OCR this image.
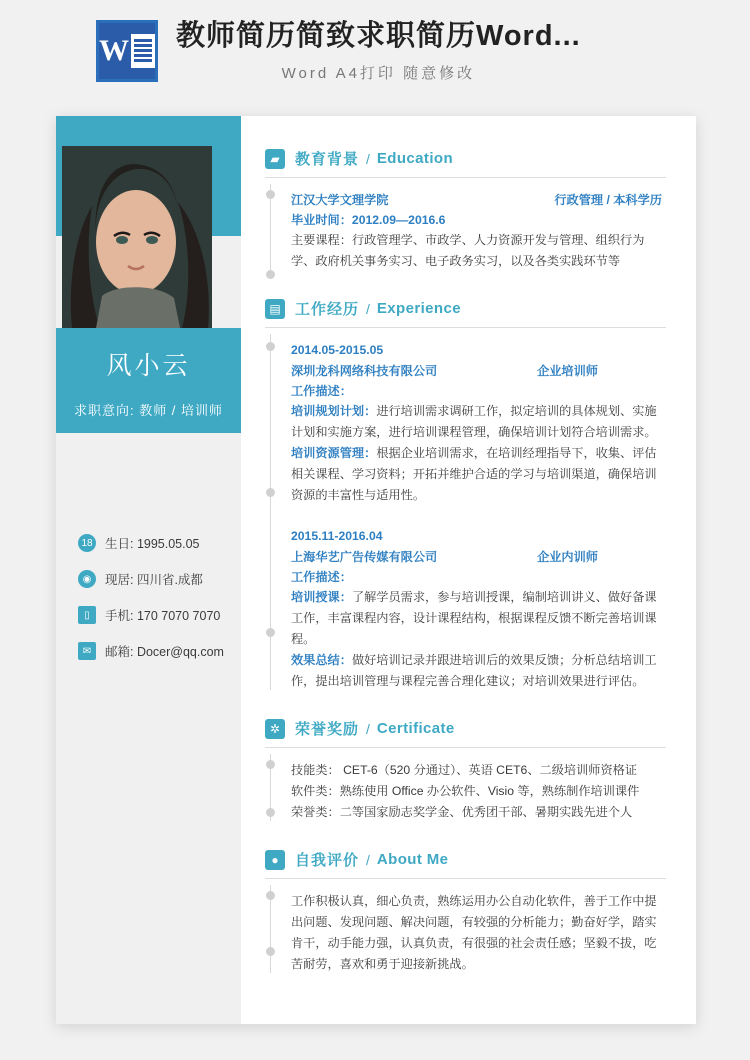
W 教师简历简致求职简历Word...
Word A4打印 随意修改
风小云
求职意向: 教师 / 培训师
18 生日: 1995.05.05
◉	现居: 四川省.成都
▯	手机: 170 7070 7070
✉	邮箱: Docer@qq.com
▰	教育背景 / Education
江汉大学文理学院	行政管理 / 本科学历
毕业时间：2012.09—2016.6
主要课程：行政管理学、市政学、人力资源开发与管理、组织行为学、政府机关事务实习、电子政务实习，以及各类实践环节等
▤ 工作经历 / Experience
2014.05-2015.05
深圳龙科网络科技有限公司	企业培训师
工作描述：
培训规划计划：进行培训需求调研工作，拟定培训的具体规划、实施计划和实施方案，进行培训课程管理，确保培训计划符合培训需求。
培训资源管理：根据企业培训需求，在培训经理指导下，收集、评估相关课程、学习资料；开拓并维护合适的学习与培训渠道，确保培训资源的丰富性与适用性。
2015.11-2016.04
上海华艺广告传媒有限公司	企业内训师
工作描述：
培训授课：了解学员需求，参与培训授课，编制培训讲义、做好备课工作，丰富课程内容，设计课程结构，根据课程反馈不断完善培训课程。
效果总结：做好培训记录并跟进培训后的效果反馈；分析总结培训工作，提出培训管理与课程完善合理化建议；对培训效果进行评估。
✲ 荣誉奖励 / Certificate
技能类： CET-6（520 分通过）、英语 CET6、二级培训师资格证
软件类：熟练使用 Office 办公软件、Visio 等，熟练制作培训课件
荣誉类：二等国家励志奖学金、优秀团干部、暑期实践先进个人
●	自我评价 / About Me
工作积极认真，细心负责，熟练运用办公自动化软件，善于工作中提出问题、发现问题、解决问题，有较强的分析能力；勤奋好学，踏实肯干，动手能力强，认真负责，有很强的社会责任感；坚毅不拔，吃苦耐劳，喜欢和勇于迎接新挑战。
